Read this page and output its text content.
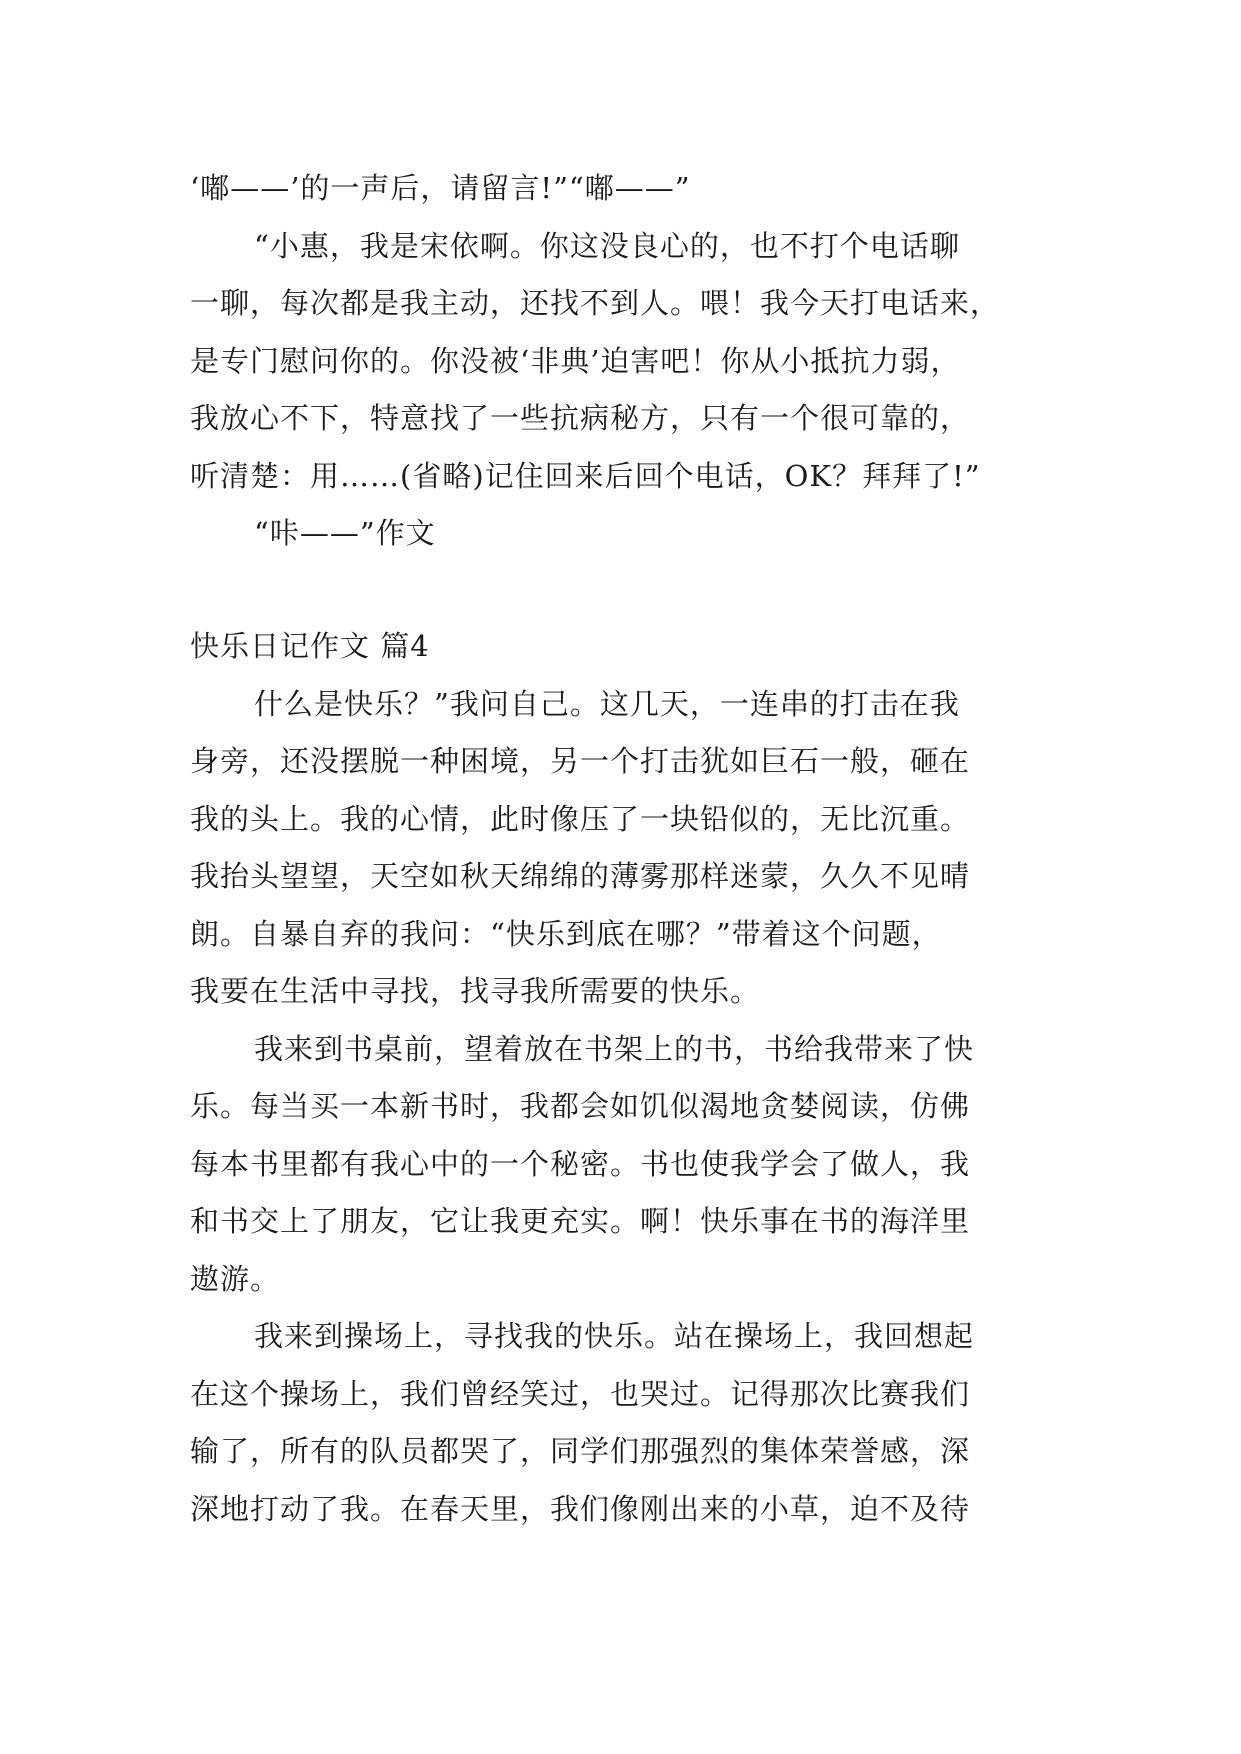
‘嘟——’的一声后，请留言!”“嘟——”
“小惠，我是宋依啊。你这没良心的，也不打个电话聊
一聊，每次都是我主动，还找不到人。喂！我今天打电话来，
是专门慰问你的。你没被‘非典’迫害吧！你从小抵抗力弱，
我放心不下，特意找了一些抗病秘方，只有一个很可靠的，
听清楚：用……(省略)记住回来后回个电话，OK？拜拜了!”
“咔——”作文
快乐日记作文 篇4
什么是快乐？”我问自己。这几天，一连串的打击在我
身旁，还没摆脱一种困境，另一个打击犹如巨石一般，砸在
我的头上。我的心情，此时像压了一块铅似的，无比沉重。
我抬头望望，天空如秋天绵绵的薄雾那样迷蒙，久久不见晴
朗。自暴自弃的我问：“快乐到底在哪？”带着这个问题，
我要在生活中寻找，找寻我所需要的快乐。
我来到书桌前，望着放在书架上的书，书给我带来了快
乐。每当买一本新书时，我都会如饥似渴地贪婪阅读，仿佛
每本书里都有我心中的一个秘密。书也使我学会了做人，我
和书交上了朋友，它让我更充实。啊！快乐事在书的海洋里
遨游。
我来到操场上，寻找我的快乐。站在操场上，我回想起
在这个操场上，我们曾经笑过，也哭过。记得那次比赛我们
输了，所有的队员都哭了，同学们那强烈的集体荣誉感，深
深地打动了我。在春天里，我们像刚出来的小草，迫不及待
